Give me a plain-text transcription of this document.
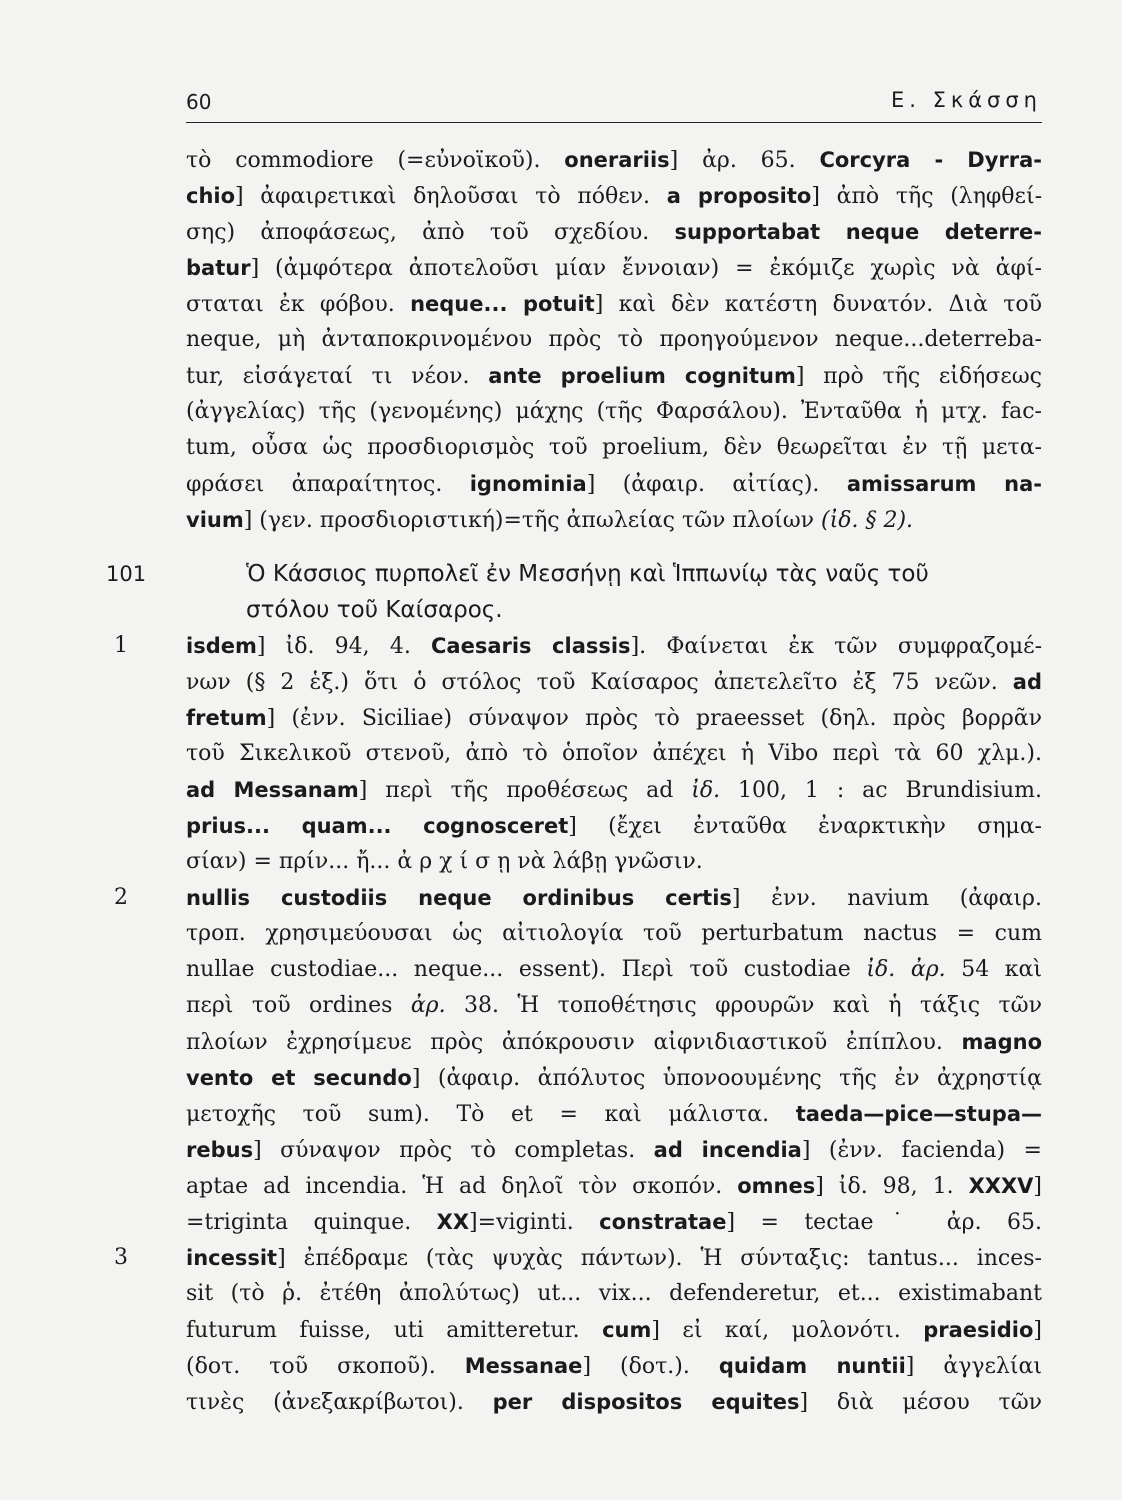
60	Ε. Σκάσση
τὸ commodiore (=εὐνοϊκοῦ). onerariis] ἀρ. 65. Corcyra - Dyrra-
chio] ἀφαιρετικαὶ δηλοῦσαι τὸ πόθεν. a proposito] ἀπὸ τῆς (ληφθεί-
σης) ἀποφάσεως, ἀπὸ τοῦ σχεδίου. supportabat neque deterre-
batur] (ἀμφότερα ἀποτελοῦσι μίαν ἔννοιαν) = ἐκόμιζε χωρὶς νὰ ἀφί-
σταται ἐκ φόβου. neque... potuit] καὶ δὲν κατέστη δυνατόν. Διὰ τοῦ
neque, μὴ ἀνταποκρινομένου πρὸς τὸ προηγούμενον neque...deterreba-
tur, εἰσάγεταί τι νέον. ante proelium cognitum] πρὸ τῆς εἰδήσεως
(ἀγγελίας) τῆς (γενομένης) μάχης (τῆς Φαρσάλου). Ἐνταῦθα ἡ μτχ. fac-
tum, οὖσα ὡς προσδιορισμὸς τοῦ proelium, δὲν θεωρεῖται ἐν τῇ μετα-
φράσει ἀπαραίτητος. ignominia] (ἀφαιρ. αἰτίας). amissarum na-
vium] (γεν. προσδιοριστική)=τῆς ἀπωλείας τῶν πλοίων (ἰδ. § 2).
101	Ὁ Κάσσιος πυρπολεῖ ἐν Μεσσήνῃ καὶ Ἱππωνίῳ τὰς ναῦς τοῦ
στόλου τοῦ Καίσαρος.
1	isdem] ἰδ. 94, 4. Caesaris classis]. Φαίνεται ἐκ τῶν συμφραζομέ-
νων (§ 2 ἑξ.) ὅτι ὁ στόλος τοῦ Καίσαρος ἀπετελεῖτο ἐξ 75 νεῶν. ad
fretum] (ἐνν. Siciliae) σύναψον πρὸς τὸ praeesset (δηλ. πρὸς βορρᾶν
τοῦ Σικελικοῦ στενοῦ, ἀπὸ τὸ ὁποῖον ἀπέχει ἡ Vibo περὶ τὰ 60 χλμ.).
ad Messanam] περὶ τῆς προθέσεως ad ἰδ. 100, 1 : ac Brundisium.
prius... quam... cognosceret] (ἔχει ἐνταῦθα ἐναρκτικὴν σημα-
σίαν) = πρίν... ἤ... ἀ ρ χ ί σ ῃ νὰ λάβῃ γνῶσιν.
2	nullis custodiis neque ordinibus certis] ἐνν. navium (ἀφαιρ.
τροπ. χρησιμεύουσαι ὡς αἰτιολογία τοῦ perturbatum nactus = cum
nullae custodiae... neque... essent). Περὶ τοῦ custodiae ἰδ. ἀρ. 54 καὶ
περὶ τοῦ ordines ἀρ. 38. Ἡ τοποθέτησις φρουρῶν καὶ ἡ τάξις τῶν
πλοίων ἐχρησίμευε πρὸς ἀπόκρουσιν αἰφνιδιαστικοῦ ἐπίπλου. magno
vento et secundo] (ἀφαιρ. ἀπόλυτος ὑπονοουμένης τῆς ἐν ἀχρηστίᾳ
μετοχῆς τοῦ sum). Τὸ et = καὶ μάλιστα. taeda—pice—stupa—
rebus] σύναψον πρὸς τὸ completas. ad incendia] (ἐνν. facienda) =
aptae ad incendia. Ἡ ad δηλοῖ τὸν σκοπόν. omnes] ἰδ. 98, 1. XXXV]
=triginta quinque. XX]=viginti. constratae] = tectae˙ ἀρ. 65.
3	incessit] ἐπέδραμε (τὰς ψυχὰς πάντων). Ἡ σύνταξις: tantus... inces-
sit (τὸ ῥ. ἐτέθη ἀπολύτως) ut... vix... defenderetur, et... existimabant
futurum fuisse, uti amitteretur. cum] εἰ καί, μολονότι. praesidio]
(δοτ. τοῦ σκοποῦ). Messanae] (δοτ.). quidam nuntii] ἀγγελίαι
τινὲς (ἀνεξακρίβωτοι). per dispositos equites] διὰ μέσου τῶν
